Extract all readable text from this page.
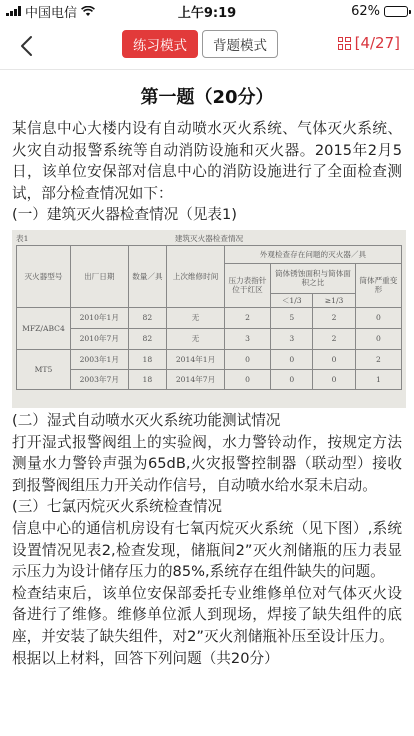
中国电信	上午9:19	62%
练习模式	背题模式	[4/27]
第一题（20分）

某信息中心大楼内设有自动喷水灭火系统、气体灭火系统、火灾自动报警系统等自动消防设施和灭火器。2015年2月5日，该单位安保部对信息中心的消防设施进行了全面检查测试，部分检查情况如下：

(一）建筑灭火器检查情况（见表1)
表1	建筑灭火器检查情况
灭火器型号	出厂日期	数量／具	上次维修时间	外观检查存在问题的灭火器／具			
				压力表指针位于红区	筒体锈蚀面积与简体面积之比		筒体严重变形
					＜1/3	≥1/3	
MFZ/ABC4	2010年1月	82	无	2	5	2	0
	2010年7月	82	无	3	3	2	0
MT5	2003年1月	18	2014年1月	0	0	0	2
	2003年7月	18	2014年7月	0	0	0	1
(二）湿式自动喷水灭火系统功能测试情况

打开湿式报警阀组上的实验阀，水力警铃动作，按规定方法测量水力警铃声强为65dB,火灾报警控制器（联动型）接收到报警阀组压力开关动作信号，自动喷水给水泵未启动。

(三）七氯丙烷灭火系统检查情况

信息中心的通信机房设有七氧丙烷灭火系统（见下图）,系统设置情况见表2,检查发现，储瓶间2”灭火剂储瓶的压力表显示压力为设计储存压力的85%,系统存在组件缺失的问题。

检查结束后，该单位安保部委托专业维修单位对气体灭火设备进行了维修。维修单位派人到现场，焊接了缺失组件的底座，并安装了缺失组件，对2”灭火剂储瓶补压至设计压力。

根据以上材料，回答下列问题（共20分）
